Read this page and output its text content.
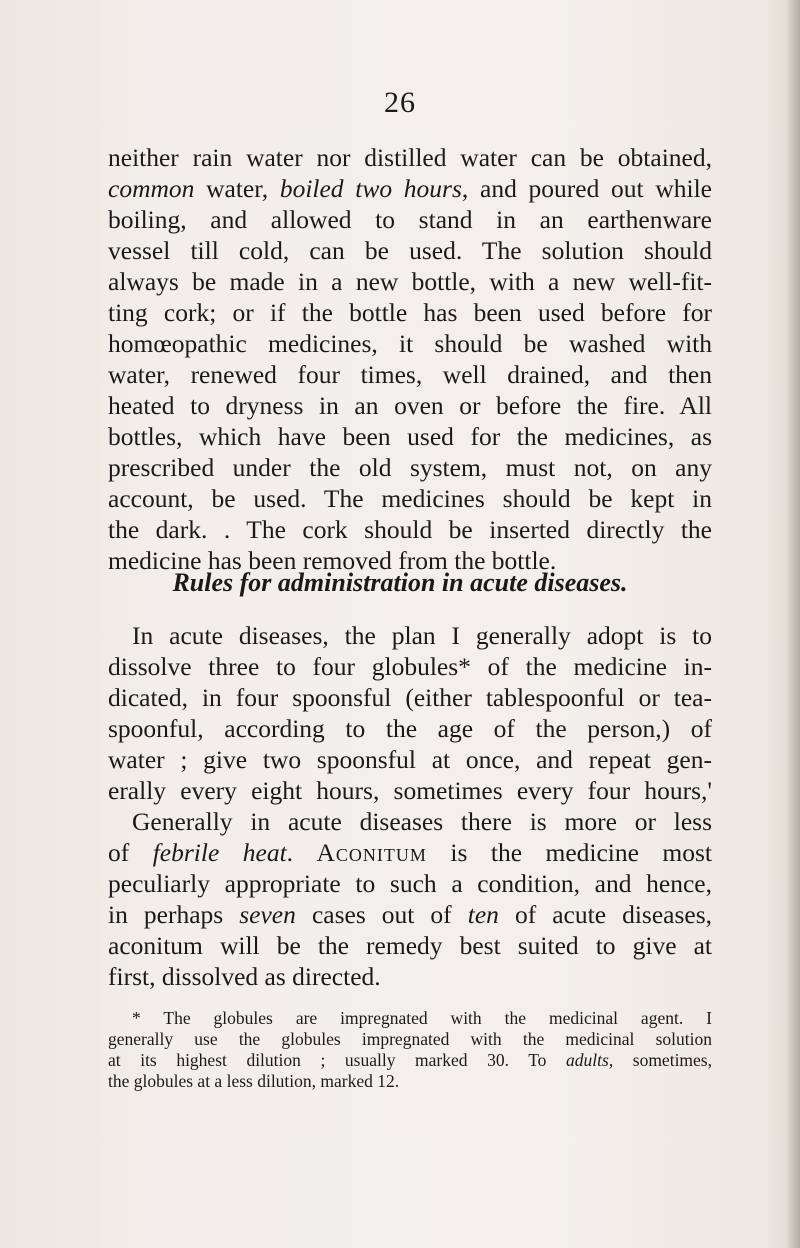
26
neither rain water nor distilled water can be obtained,
common water, boiled two hours, and poured out while
boiling, and allowed to stand in an earthenware
vessel till cold, can be used. The solution should
always be made in a new bottle, with a new well-fit-
ting cork; or if the bottle has been used before for
homœopathic medicines, it should be washed with
water, renewed four times, well drained, and then
heated to dryness in an oven or before the fire. All
bottles, which have been used for the medicines, as
prescribed under the old system, must not, on any
account, be used. The medicines should be kept in
the dark. . The cork should be inserted directly the
medicine has been removed from the bottle.
Rules for administration in acute diseases.
In acute diseases, the plan I generally adopt is to
dissolve three to four globules* of the medicine in-
dicated, in four spoonsful (either tablespoonful or tea-
spoonful, according to the age of the person,) of
water ; give two spoonsful at once, and repeat gen-
erally every eight hours, sometimes every four hours,'
Generally in acute diseases there is more or less
of febrile heat. Aconitum is the medicine most
peculiarly appropriate to such a condition, and hence,
in perhaps seven cases out of ten of acute diseases,
aconitum will be the remedy best suited to give at
first, dissolved as directed.
* The globules are impregnated with the medicinal agent. I
generally use the globules impregnated with the medicinal solution
at its highest dilution ; usually marked 30. To adults, sometimes,
the globules at a less dilution, marked 12.
